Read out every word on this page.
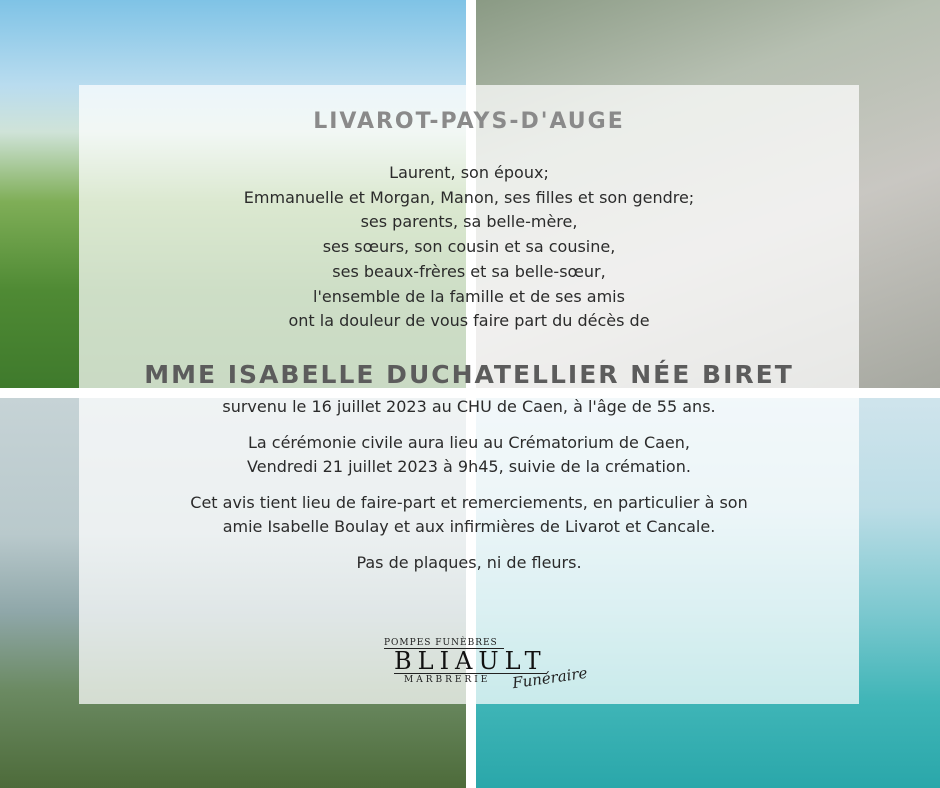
LIVAROT-PAYS-D'AUGE
Laurent, son époux;
Emmanuelle et Morgan, Manon, ses filles et son gendre;
ses parents, sa belle-mère,
ses sœurs, son cousin et sa cousine,
ses beaux-frères et sa belle-sœur,
l'ensemble de la famille et de ses amis
ont la douleur de vous faire part du décès de
MME ISABELLE DUCHATELLIER NÉE BIRET
survenu le 16 juillet 2023 au CHU de Caen, à l'âge de 55 ans.
La cérémonie civile aura lieu au Crématorium de Caen,
Vendredi 21 juillet 2023 à 9h45, suivie de la crémation.
Cet avis tient lieu de faire-part et remerciements, en particulier à son
amie Isabelle Boulay et aux infirmières de Livarot et Cancale.
Pas de plaques, ni de fleurs.
POMPES FUNÈBRES
BLIAULT
MARBRERIE Funéraire
